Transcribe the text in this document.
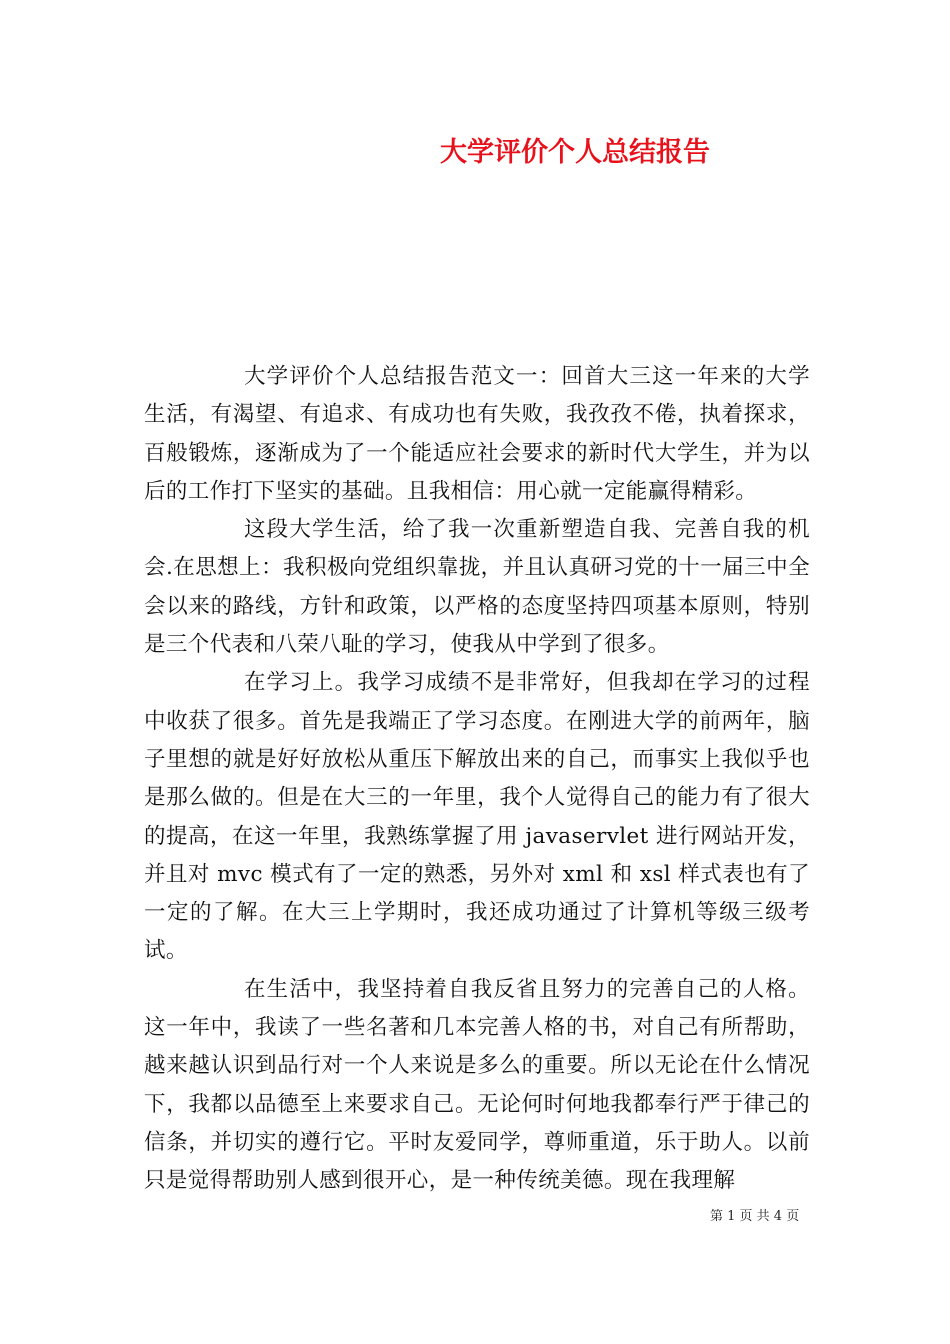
大学评价个人总结报告

大学评价个人总结报告范文一：回首大三这一年来的大学生活，有渴望、有追求、有成功也有失败，我孜孜不倦，执着探求，百般锻炼，逐渐成为了一个能适应社会要求的新时代大学生，并为以后的工作打下坚实的基础。且我相信：用心就一定能赢得精彩。

这段大学生活，给了我一次重新塑造自我、完善自我的机会.在思想上：我积极向党组织靠拢，并且认真研习党的十一届三中全会以来的路线，方针和政策，以严格的态度坚持四项基本原则，特别是三个代表和八荣八耻的学习，使我从中学到了很多。

在学习上。我学习成绩不是非常好，但我却在学习的过程中收获了很多。首先是我端正了学习态度。在刚进大学的前两年，脑子里想的就是好好放松从重压下解放出来的自己，而事实上我似乎也是那么做的。但是在大三的一年里，我个人觉得自己的能力有了很大的提高，在这一年里，我熟练掌握了用 javaservlet 进行网站开发，并且对 mvc 模式有了一定的熟悉，另外对 xml 和 xsl 样式表也有了一定的了解。在大三上学期时，我还成功通过了计算机等级三级考试。

在生活中，我坚持着自我反省且努力的完善自己的人格。这一年中，我读了一些名著和几本完善人格的书，对自己有所帮助，越来越认识到品行对一个人来说是多么的重要。所以无论在什么情况下，我都以品德至上来要求自己。无论何时何地我都奉行严于律己的信条，并切实的遵行它。平时友爱同学，尊师重道，乐于助人。以前只是觉得帮助别人感到很开心，是一种传统美德。现在我理解

第 1 页 共 4 页
